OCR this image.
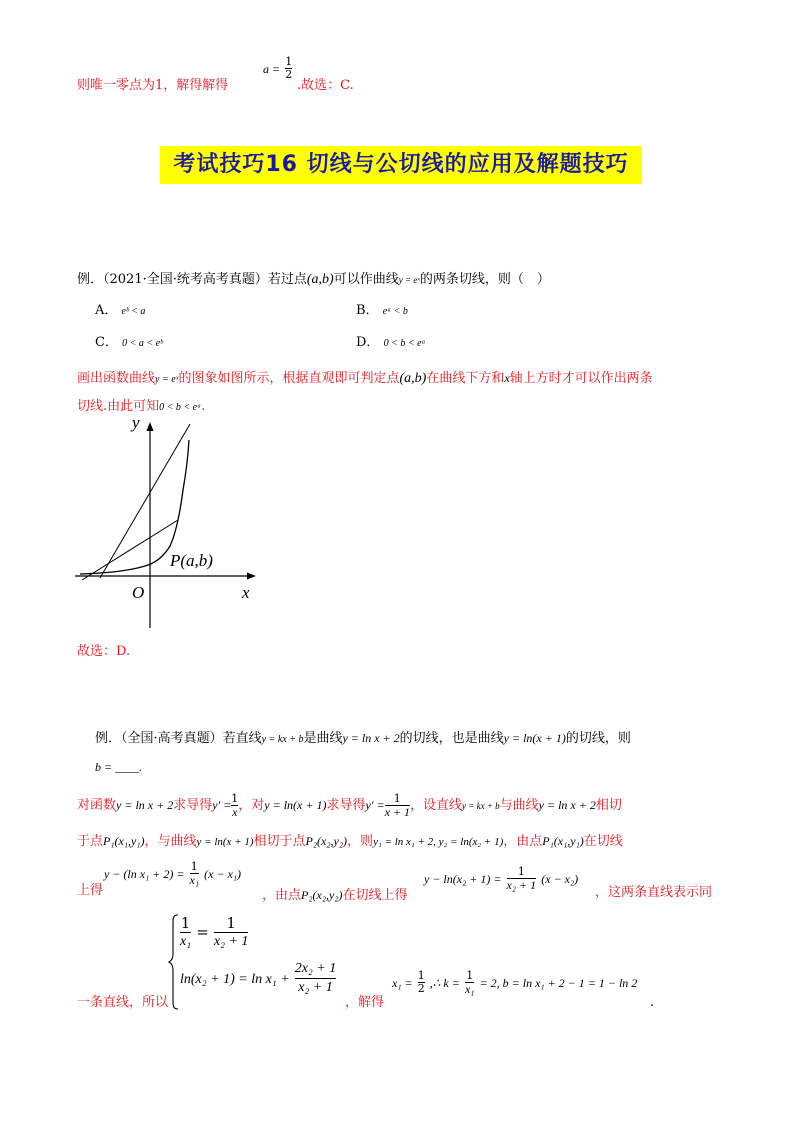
则唯一零点为1，解得解得
$a = \frac{1}{2}$
.故选：C.
考试技巧16 切线与公切线的应用及解题技巧
例．（2021·全国·统考高考真题）若过点(a,b)可以作曲线y = eˣ的两条切线，则（　）
A． eᵇ < a	B． eᵃ < b
C． 0 < a < eᵇ	D． 0 < b < eᵃ
画出函数曲线y = eˣ的图象如图所示，根据直观即可判定点(a,b)在曲线下方和x轴上方时才可以作出两条
切线.由此可知0 < b < eᵃ.
y
x
O
P(a,b)
故选：D.
例．（全国·高考真题）若直线y = kx + b是曲线y = ln x + 2的切线，也是曲线y = ln(x + 1)的切线，则
b = ____.
对函数y = ln x + 2求导得$y' = \frac{1}{x}$ ，对y = ln(x + 1)求导得$y' = \frac{1}{x + 1}$ ，设直线y = kx + b与曲线y = ln x + 2相切
于点P₁(x₁,y₁)，与曲线y = ln(x + 1)相切于点P₂(x₂,y₂)，则y₁ = ln x₁ + 2, y₂ = ln(x₂ + 1)，由点P₁(x₁,y₁)在切线
上得
y − (ln $x_1 + 2) = \frac{1}{\text{x₁}} (x - x_1)$
，由点P₂(x₂,y₂)在切线上得
$y - \ln(x_2 + 1) = \frac{1}{\text{x₂ + 1}} (x - x_2)$
，这两条直线表示同
一条直线，所以
$\frac{1}{\text{x₁}} = \frac{1}{\text{x₂ + 1}}$
$\ln(x_2 + 1) = \ln x_1 + \frac{\text{2x₂ + 1}}{\text{x₂ + 1}}$
，解得
$x_1 = \frac{1}{2}$ ,∴ $k = \frac{1}{\text{x₁}} = 2$, b = ln x₁ + 2 − 1 = 1 − ln 2
.
